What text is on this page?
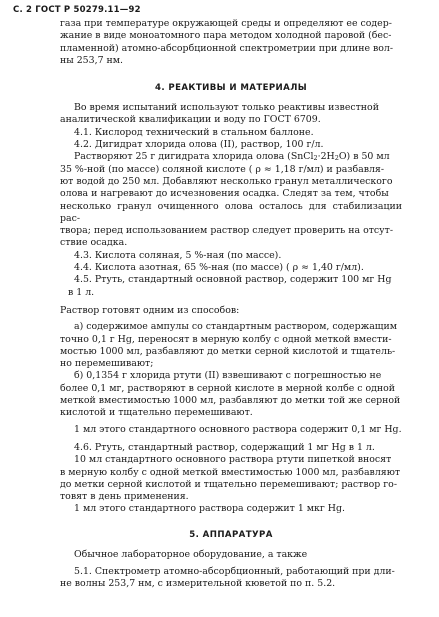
С. 2 ГОСТ Р 50279.11—92

газа при температуре окружающей среды и определяют ее содер-

жание в виде моноатомного пара методом холодной паровой (бес-

пламенной) атомно-абсорбционной спектрометрии при длине вол-

ны 253,7 нм.

4. РЕАКТИВЫ И МАТЕРИАЛЫ

Во время испытаний используют только реактивы известной

аналитической квалификации и воду по ГОСТ 6709.

4.1. Кислород технический в стальном баллоне.

4.2. Дигидрат хлорида олова (II), раствор, 100 г/л.

Растворяют 25 г дигидрата хлорида олова $(SnCl_2\cdot 2H_2O)$ в 50 мл

35 %-ной (по массе) соляной кислоте ( ρ ≈ 1,18 г/мл) и разбавля-

ют водой до 250 мл. Добавляют несколько гранул металлического

олова и нагревают до исчезновения осадка. Следят за тем, чтобы

несколько гранул очищенного олова осталось для стабилизации рас-

твора; перед использованием раствор следует проверить на отсут-

ствие осадка.

4.3. Кислота соляная, 5 %-ная (по массе).

4.4. Кислота азотная, 65 %-ная (по массе) ( ρ ≈ 1,40 г/мл).

4.5. Ртуть, стандартный основной раствор, содержит 100 мг Hg

в 1 л.

Раствор готовят одним из способов:

а) содержимое ампулы со стандартным раствором, содержащим

точно 0,1 г Hg, переносят в мерную колбу с одной меткой вмести-

мостью 1000 мл, разбавляют до метки серной кислотой и тщатель-

но перемешивают;

б) 0,1354 г хлорида ртути (II) взвешивают с погрешностью не

более 0,1 мг, растворяют в серной кислоте в мерной колбе с одной

меткой вместимостью 1000 мл, разбавляют до метки той же серной

кислотой и тщательно перемешивают.

1 мл этого стандартного основного раствора содержит 0,1 мг Hg.

4.6. Ртуть, стандартный раствор, содержащий 1 мг Hg в 1 л.

10 мл стандартного основного раствора ртути пипеткой вносят

в мерную колбу с одной меткой вместимостью 1000 мл, разбавляют

до метки серной кислотой и тщательно перемешивают; раствор го-

товят в день применения.

1 мл этого стандартного раствора содержит 1 мкг Hg.

5. АППАРАТУРА

Обычное лабораторное оборудование, а также

5.1. Спектрометр атомно-абсорбционный, работающий при дли-

не волны 253,7 нм, с измерительной кюветой по п. 5.2.
